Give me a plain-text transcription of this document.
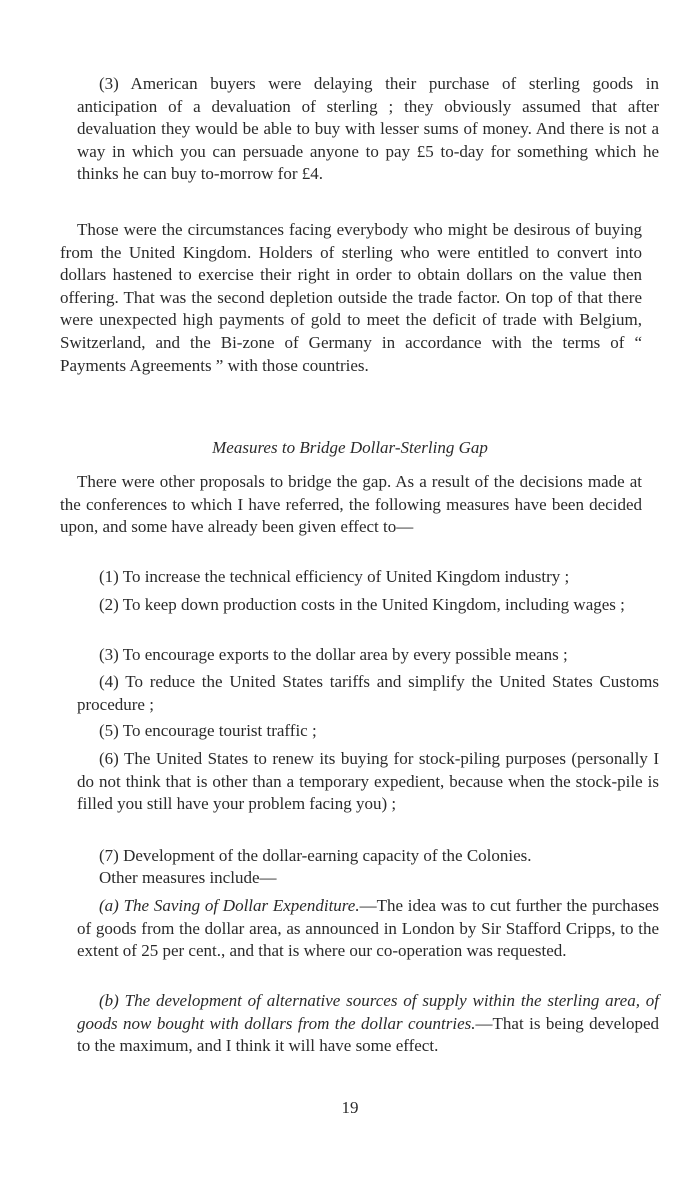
(3) American buyers were delaying their purchase of sterling goods in anticipation of a devaluation of sterling ; they obviously assumed that after devaluation they would be able to buy with lesser sums of money. And there is not a way in which you can persuade anyone to pay £5 to-day for something which he thinks he can buy to-morrow for £4.

Those were the circumstances facing everybody who might be desirous of buying from the United Kingdom. Holders of sterling who were entitled to convert into dollars hastened to exercise their right in order to obtain dollars on the value then offering. That was the second depletion outside the trade factor. On top of that there were unexpected high payments of gold to meet the deficit of trade with Belgium, Switzerland, and the Bi-zone of Germany in accordance with the terms of “ Payments Agreements ” with those countries.

Measures to Bridge Dollar-Sterling Gap

There were other proposals to bridge the gap. As a result of the decisions made at the conferences to which I have referred, the following measures have been decided upon, and some have already been given effect to—

(1) To increase the technical efficiency of United Kingdom industry ;

(2) To keep down production costs in the United Kingdom, including wages ;

(3) To encourage exports to the dollar area by every possible means ;

(4) To reduce the United States tariffs and simplify the United States Customs procedure ;

(5) To encourage tourist traffic ;

(6) The United States to renew its buying for stock-piling purposes (personally I do not think that is other than a temporary expedient, because when the stock-pile is filled you still have your problem facing you) ;

(7) Development of the dollar-earning capacity of the Colonies.

Other measures include—

(a) The Saving of Dollar Expenditure.—The idea was to cut further the purchases of goods from the dollar area, as announced in London by Sir Stafford Cripps, to the extent of 25 per cent., and that is where our co-operation was requested.

(b) The development of alternative sources of supply within the sterling area, of goods now bought with dollars from the dollar countries.—That is being developed to the maximum, and I think it will have some effect.

19
